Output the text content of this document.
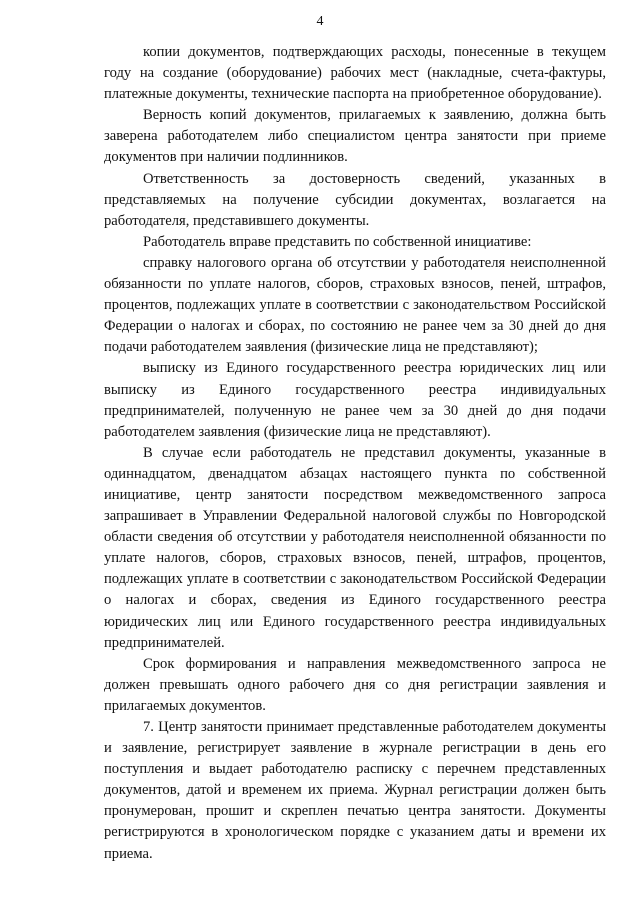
4

копии документов, подтверждающих расходы, понесенные в текущем году на создание (оборудование) рабочих мест (накладные, счета-фактуры, платежные документы, технические паспорта на приобретенное оборудование).

Верность копий документов, прилагаемых к заявлению, должна быть заверена работодателем либо специалистом центра занятости при приеме документов при наличии подлинников.

Ответственность за достоверность сведений, указанных в представляемых на получение субсидии документах, возлагается на работодателя, представившего документы.

Работодатель вправе представить по собственной инициативе:

справку налогового органа об отсутствии у работодателя неисполненной обязанности по уплате налогов, сборов, страховых взносов, пеней, штрафов, процентов, подлежащих уплате в соответствии с законодательством Российской Федерации о налогах и сборах, по состоянию не ранее чем за 30 дней до дня подачи работодателем заявления (физические лица не представляют);

выписку из Единого государственного реестра юридических лиц или выписку из Единого государственного реестра индивидуальных предпринимателей, полученную не ранее чем за 30 дней до дня подачи работодателем заявления (физические лица не представляют).

В случае если работодатель не представил документы, указанные в одиннадцатом, двенадцатом абзацах настоящего пункта по собственной инициативе, центр занятости посредством межведомственного запроса запрашивает в Управлении Федеральной налоговой службы по Новгородской области сведения об отсутствии у работодателя неисполненной обязанности по уплате налогов, сборов, страховых взносов, пеней, штрафов, процентов, подлежащих уплате в соответствии с законодательством Российской Федерации о налогах и сборах, сведения из Единого государственного реестра юридических лиц или Единого государственного реестра индивидуальных предпринимателей.

Срок формирования и направления межведомственного запроса не должен превышать одного рабочего дня со дня регистрации заявления и прилагаемых документов.

7. Центр занятости принимает представленные работодателем документы и заявление, регистрирует заявление в журнале регистрации в день его поступления и выдает работодателю расписку с перечнем представленных документов, датой и временем их приема. Журнал регистрации должен быть пронумерован, прошит и скреплен печатью центра занятости. Документы регистрируются в хронологическом порядке с указанием даты и времени их приема.
